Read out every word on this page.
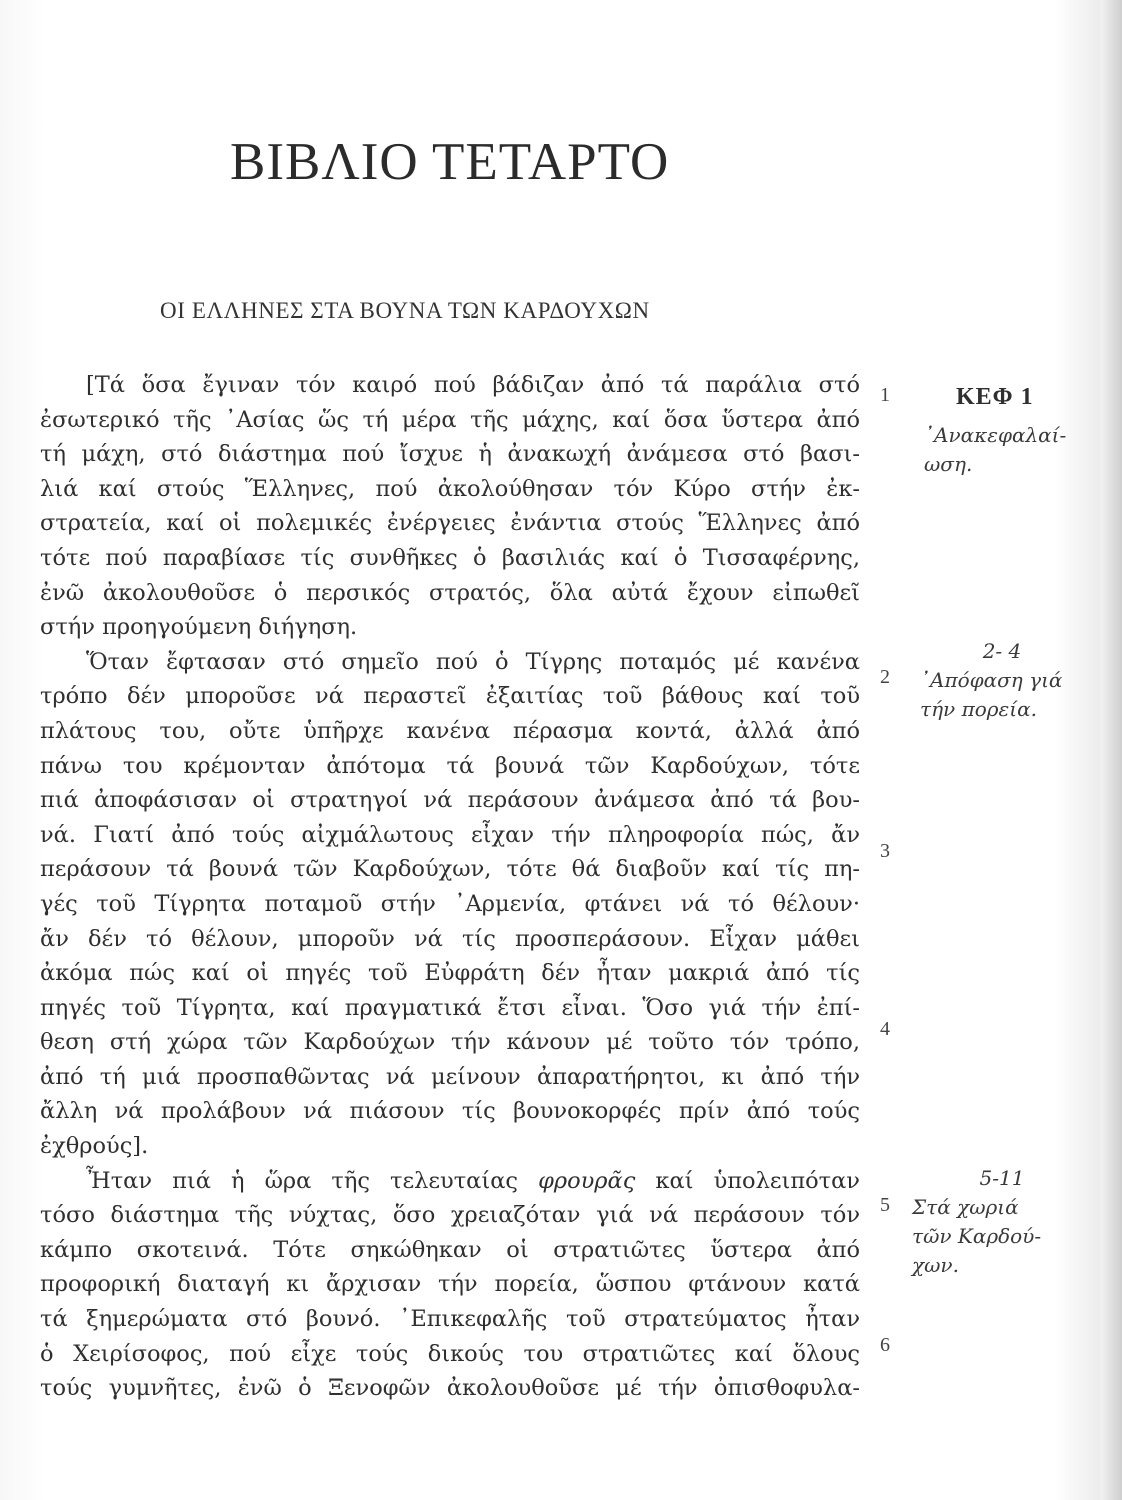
ΒΙΒΛΙΟ ΤΕΤΑΡΤΟ
ΟΙ ΕΛΛΗΝΕΣ ΣΤΑ ΒΟΥΝΑ ΤΩΝ ΚΑΡΔΟΥΧΩΝ
[Τά ὅσα ἔγιναν τόν καιρό πού βάδιζαν ἀπό τά παράλια στό
ἐσωτερικό τῆς ᾿Ασίας ὥς τή μέρα τῆς μάχης, καί ὅσα ὕστερα ἀπό
τή μάχη, στό διάστημα πού ἴσχυε ἡ ἀνακωχή ἀνάμεσα στό βασι-
λιά καί στούς Ἕλληνες, πού ἀκολούθησαν τόν Κύρο στήν ἐκ-
στρατεία, καί οἱ πολεμικές ἐνέργειες ἐνάντια στούς Ἕλληνες ἀπό
τότε πού παραβίασε τίς συνθῆκες ὁ βασιλιάς καί ὁ Τισσαφέρνης,
ἐνῶ ἀκολουθοῦσε ὁ περσικός στρατός, ὅλα αὐτά ἔχουν εἰπωθεῖ
στήν προηγούμενη διήγηση.
Ὅταν ἔφτασαν στό σημεῖο πού ὁ Τίγρης ποταμός μέ κανένα
τρόπο δέν μποροῦσε νά περαστεῖ ἐξαιτίας τοῦ βάθους καί τοῦ
πλάτους του, οὔτε ὑπῆρχε κανένα πέρασμα κοντά, ἀλλά ἀπό
πάνω του κρέμονταν ἀπότομα τά βουνά τῶν Καρδούχων, τότε
πιά ἀποφάσισαν οἱ στρατηγοί νά περάσουν ἀνάμεσα ἀπό τά βου-
νά. Γιατί ἀπό τούς αἰχμάλωτους εἶχαν τήν πληροφορία πώς, ἄν
περάσουν τά βουνά τῶν Καρδούχων, τότε θά διαβοῦν καί τίς πη-
γές τοῦ Τίγρητα ποταμοῦ στήν ᾿Αρμενία, φτάνει νά τό θέλουν·
ἄν δέν τό θέλουν, μποροῦν νά τίς προσπεράσουν. Εἶχαν μάθει
ἀκόμα πώς καί οἱ πηγές τοῦ Εὐφράτη δέν ἦταν μακριά ἀπό τίς
πηγές τοῦ Τίγρητα, καί πραγματικά ἔτσι εἶναι. Ὅσο γιά τήν ἐπί-
θεση στή χώρα τῶν Καρδούχων τήν κάνουν μέ τοῦτο τόν τρόπο,
ἀπό τή μιά προσπαθῶντας νά μείνουν ἀπαρατήρητοι, κι ἀπό τήν
ἄλλη νά προλάβουν νά πιάσουν τίς βουνοκορφές πρίν ἀπό τούς
ἐχθρούς].
Ἦταν πιά ἡ ὥρα τῆς τελευταίας φρουρᾶς καί ὑπολειπόταν
τόσο διάστημα τῆς νύχτας, ὅσο χρειαζόταν γιά νά περάσουν τόν
κάμπο σκοτεινά. Τότε σηκώθηκαν οἱ στρατιῶτες ὕστερα ἀπό
προφορική διαταγή κι ἄρχισαν τήν πορεία, ὥσπου φτάνουν κατά
τά ξημερώματα στό βουνό. ᾿Επικεφαλῆς τοῦ στρατεύματος ἦταν
ὁ Χειρίσοφος, πού εἶχε τούς δικούς του στρατιῶτες καί ὅλους
τούς γυμνῆτες, ἐνῶ ὁ Ξενοφῶν ἀκολουθοῦσε μέ τήν ὀπισθοφυλα-
1
2
3
4
5
6
ΚΕΦ 1
᾿Ανακεφαλαί-
ωση.
2- 4
᾿Απόφαση γιά
τήν πορεία.
5-11
Στά χωριά
τῶν Καρδού-
χων.
